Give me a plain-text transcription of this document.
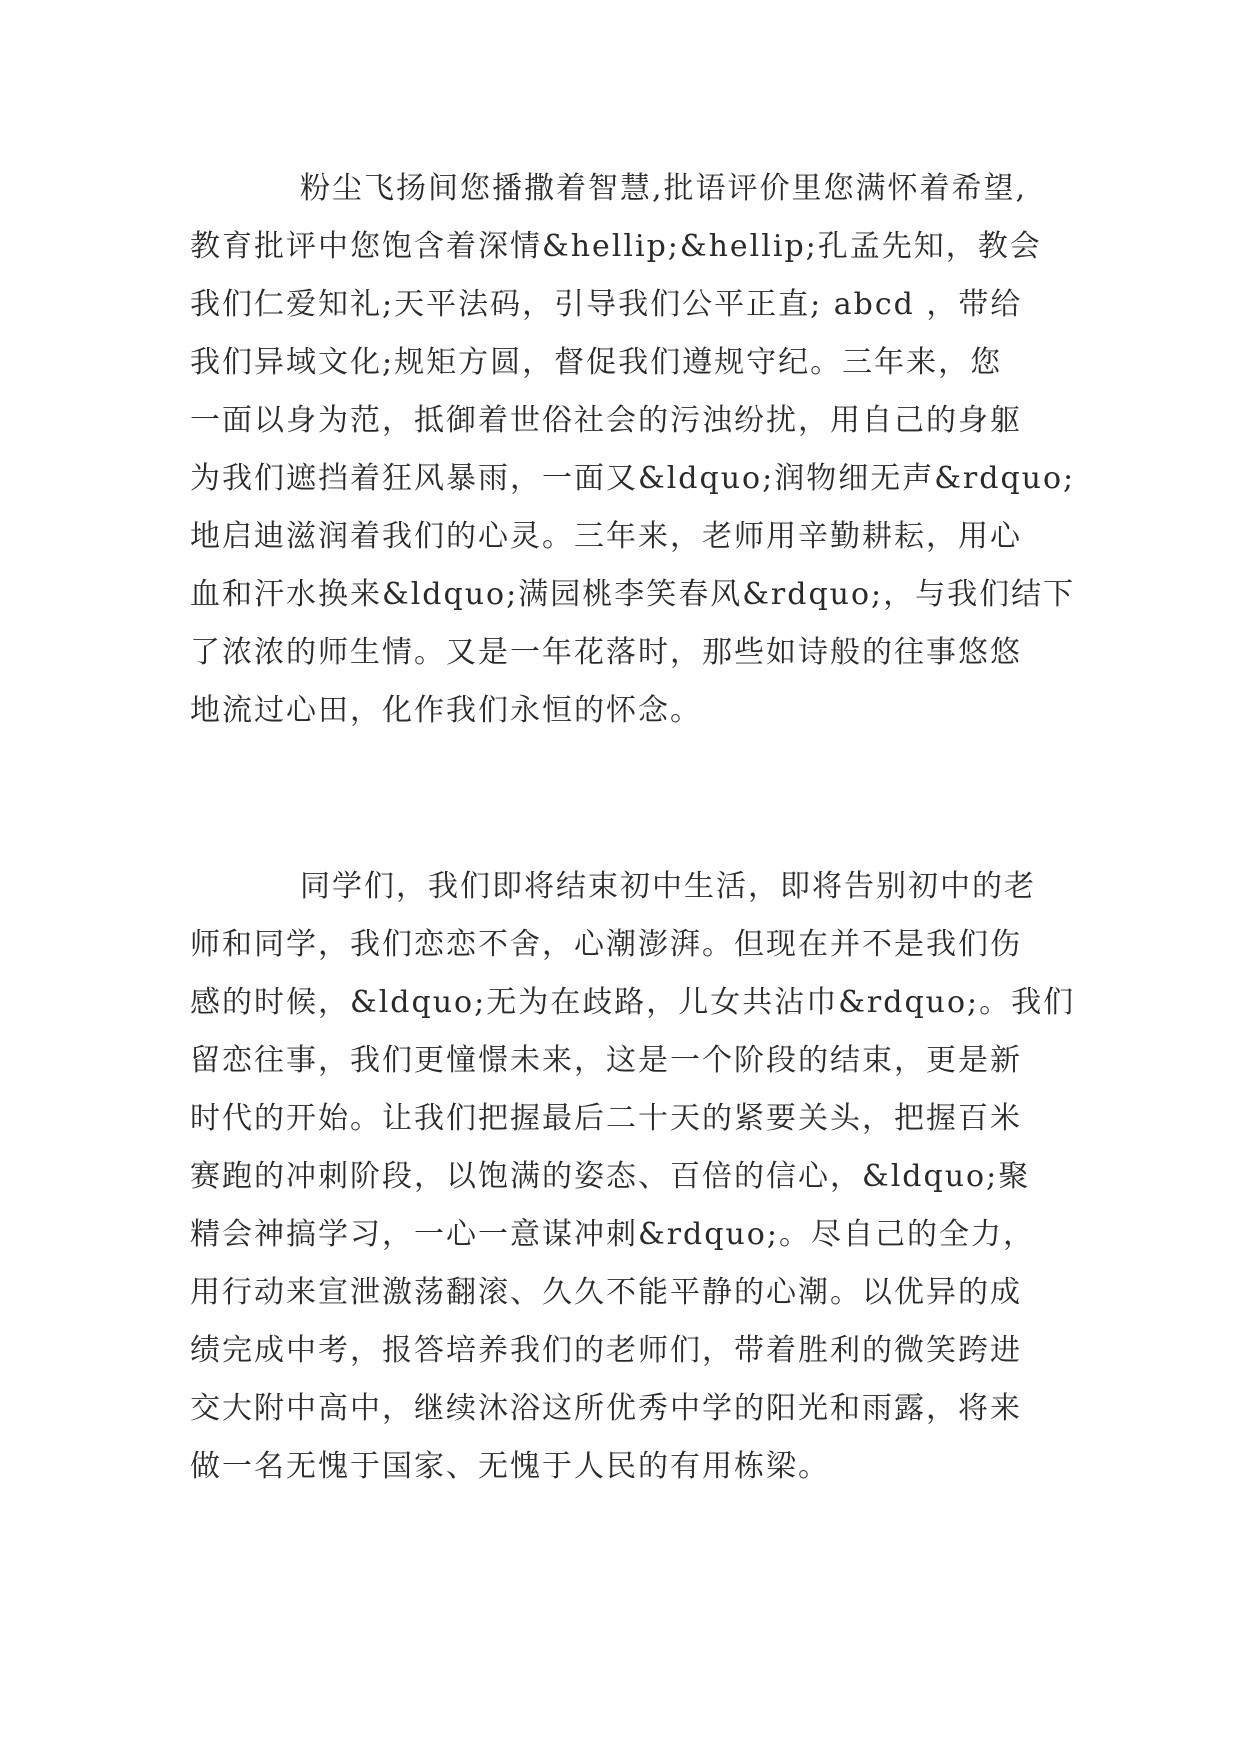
粉尘飞扬间您播撒着智慧,批语评价里您满怀着希望,
教育批评中您饱含着深情&hellip;&hellip;孔孟先知，教会
我们仁爱知礼;天平法码，引导我们公平正直; abcd ，带给
我们异域文化;规矩方圆，督促我们遵规守纪。三年来，您
一面以身为范，抵御着世俗社会的污浊纷扰，用自己的身躯
为我们遮挡着狂风暴雨，一面又&ldquo;润物细无声&rdquo;
地启迪滋润着我们的心灵。三年来，老师用辛勤耕耘，用心
血和汗水换来&ldquo;满园桃李笑春风&rdquo;，与我们结下
了浓浓的师生情。又是一年花落时，那些如诗般的往事悠悠
地流过心田，化作我们永恒的怀念。
同学们，我们即将结束初中生活，即将告别初中的老
师和同学，我们恋恋不舍，心潮澎湃。但现在并不是我们伤
感的时候，&ldquo;无为在歧路，儿女共沾巾&rdquo;。我们
留恋往事，我们更憧憬未来，这是一个阶段的结束，更是新
时代的开始。让我们把握最后二十天的紧要关头，把握百米
赛跑的冲刺阶段，以饱满的姿态、百倍的信心，&ldquo;聚
精会神搞学习，一心一意谋冲刺&rdquo;。尽自己的全力，
用行动来宣泄激荡翻滚、久久不能平静的心潮。以优异的成
绩完成中考，报答培养我们的老师们，带着胜利的微笑跨进
交大附中高中，继续沐浴这所优秀中学的阳光和雨露，将来
做一名无愧于国家、无愧于人民的有用栋梁。
